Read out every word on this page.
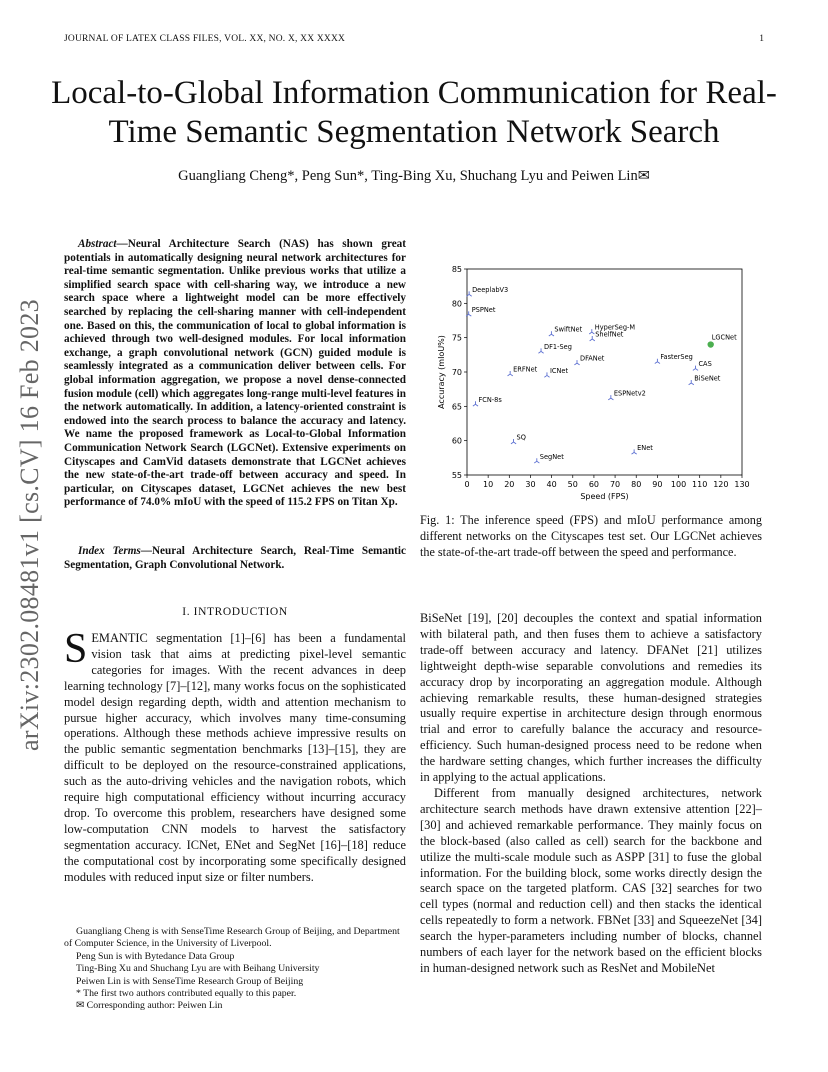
JOURNAL OF LATEX CLASS FILES, VOL. XX, NO. X, XX XXXX	1
Local-to-Global Information Communication for Real-Time Semantic Segmentation Network Search
Guangliang Cheng*, Peng Sun*, Ting-Bing Xu, Shuchang Lyu and Peiwen Lin✉
arXiv:2302.08481v1 [cs.CV] 16 Feb 2023
Abstract—Neural Architecture Search (NAS) has shown great potentials in automatically designing neural network architectures for real-time semantic segmentation. Unlike previous works that utilize a simplified search space with cell-sharing way, we introduce a new search space where a lightweight model can be more effectively searched by replacing the cell-sharing manner with cell-independent one. Based on this, the communication of local to global information is achieved through two well-designed modules. For local information exchange, a graph convolutional network (GCN) guided module is seamlessly integrated as a communication deliver between cells. For global information aggregation, we propose a novel dense-connected fusion module (cell) which aggregates long-range multi-level features in the network automatically. In addition, a latency-oriented constraint is endowed into the search process to balance the accuracy and latency. We name the proposed framework as Local-to-Global Information Communication Network Search (LGCNet). Extensive experiments on Cityscapes and CamVid datasets demonstrate that LGCNet achieves the new state-of-the-art trade-off between accuracy and speed. In particular, on Cityscapes dataset, LGCNet achieves the new best performance of 74.0% mIoU with the speed of 115.2 FPS on Titan Xp.
Index Terms—Neural Architecture Search, Real-Time Semantic Segmentation, Graph Convolutional Network.
I. INTRODUCTION
SEMANTIC segmentation [1]–[6] has been a fundamental vision task that aims at predicting pixel-level semantic categories for images. With the recent advances in deep learning technology [7]–[12], many works focus on the sophisticated model design regarding depth, width and attention mechanism to pursue higher accuracy, which involves many time-consuming operations. Although these methods achieve impressive results on the public semantic segmentation benchmarks [13]–[15], they are difficult to be deployed on the resource-constrained applications, such as the auto-driving vehicles and the navigation robots, which require high computational efficiency without incurring accuracy drop. To overcome this problem, researchers have designed some low-computation CNN models to harvest the satisfactory segmentation accuracy. ICNet, ENet and SegNet [16]–[18] reduce the computational cost by incorporating some specifically designed modules with reduced input size or filter numbers.
Guangliang Cheng is with SenseTime Research Group of Beijing, and Department of Computer Science, in the University of Liverpool.
Peng Sun is with Bytedance Data Group
Ting-Bing Xu and Shuchang Lyu are with Beihang University
Peiwen Lin is with SenseTime Research Group of Beijing
* The first two authors contributed equally to this paper.
✉ Corresponding author: Peiwen Lin
0 10 20 30 40 50 60 70 80 90 100 110 120 130
55
60
65
70
75
80
85
Speed (FPS)
Accuracy (mIoU%)
DeeplabV3
PSPNet
DF1-Seg
SwiftNet HyperSeg-M
ShelfNet
DFANet
ERFNet ICNet
FCN-8s
SQ
SegNet
ESPNetv2
ENet
FasterSeg
CAS
BiSeNet
LGCNet
Fig. 1: The inference speed (FPS) and mIoU performance among different networks on the Cityscapes test set. Our LGCNet achieves the state-of-the-art trade-off between the speed and performance.

BiSeNet [19], [20] decouples the context and spatial information with bilateral path, and then fuses them to achieve a satisfactory trade-off between accuracy and latency. DFANet [21] utilizes lightweight depth-wise separable convolutions and remedies its accuracy drop by incorporating an aggregation module. Although achieving remarkable results, these human-designed strategies usually require expertise in architecture design through enormous trial and error to carefully balance the accuracy and resource-efficiency. Such human-designed process need to be redone when the hardware setting changes, which further increases the difficulty in applying to the actual applications.

Different from manually designed architectures, network architecture search methods have drawn extensive attention [22]–[30] and achieved remarkable performance. They mainly focus on the block-based (also called as cell) search for the backbone and utilize the multi-scale module such as ASPP [31] to fuse the global information. For the building block, some works directly design the search space on the targeted platform. CAS [32] searches for two cell types (normal and reduction cell) and then stacks the identical cells repeatedly to form a network. FBNet [33] and SqueezeNet [34] search the hyper-parameters including number of blocks, channel numbers of each layer for the network based on the efficient blocks in human-designed network such as ResNet and MobileNet
